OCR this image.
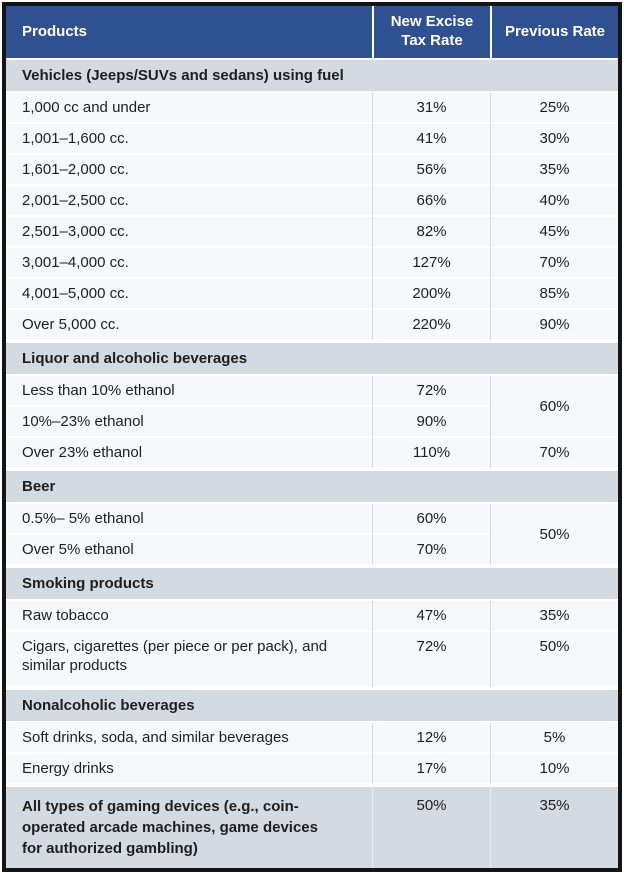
Products	New Excise Tax Rate	Previous Rate
Vehicles (Jeeps/SUVs and sedans) using fuel		
1,000 cc and under	31%	25%
1,001–1,600 cc.	41%	30%
1,601–2,000 cc.	56%	35%
2,001–2,500 cc.	66%	40%
2,501–3,000 cc.	82%	45%
3,001–4,000 cc.	127%	70%
4,001–5,000 cc.	200%	85%
Over 5,000 cc.	220%	90%
Liquor and alcoholic beverages		
Less than 10% ethanol	72%	60%
10%–23% ethanol	90%	
Over 23% ethanol	110%	70%
Beer		
0.5%– 5% ethanol	60%	50%
Over 5% ethanol	70%	
Smoking products		
Raw tobacco	47%	35%
Cigars, cigarettes (per piece or per pack), and similar products	72%	50%
Nonalcoholic beverages		
Soft drinks, soda, and similar beverages	12%	5%
Energy drinks	17%	10%
All types of gaming devices (e.g., coin-operated arcade machines, game devices for authorized gambling)	50%	35%
